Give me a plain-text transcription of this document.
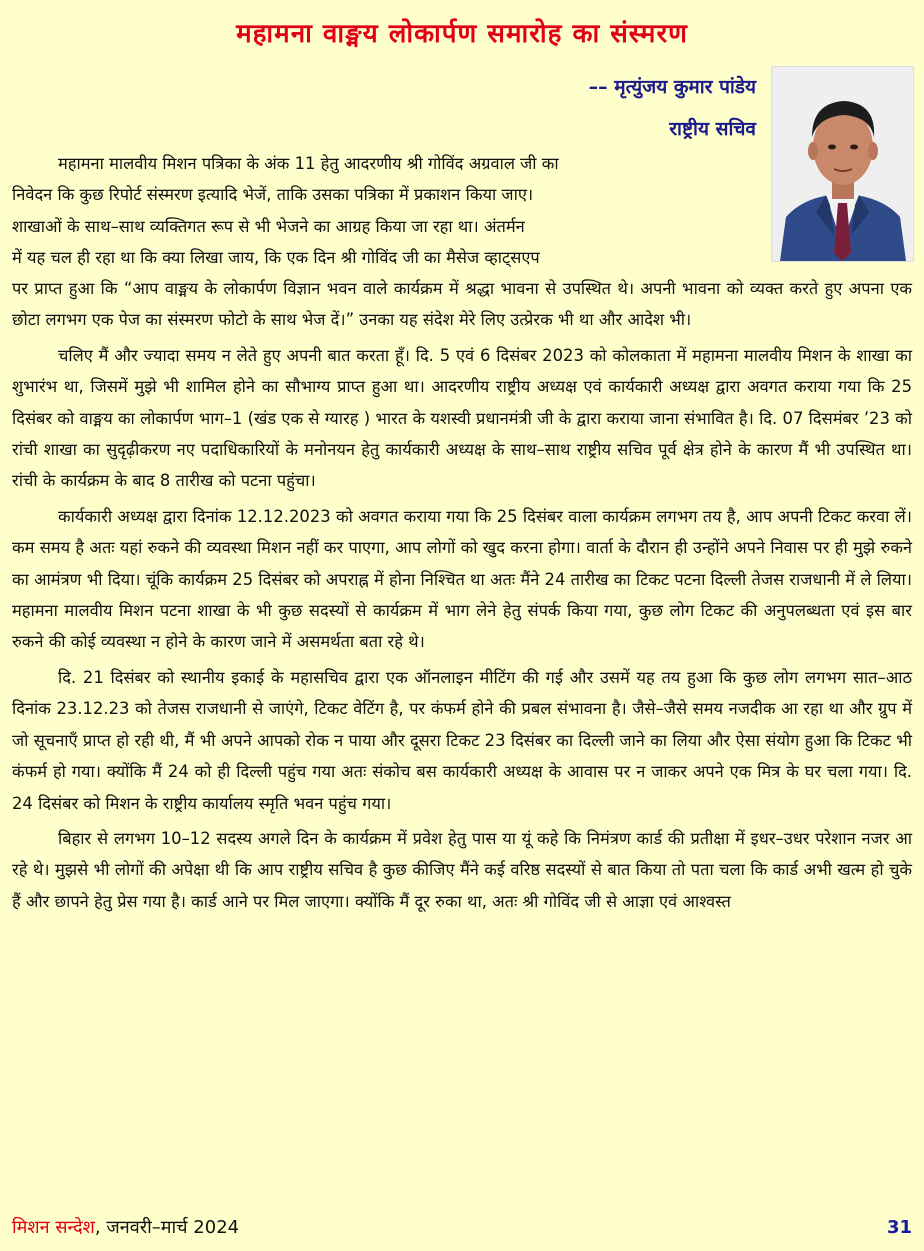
महामना वाङ्मय लोकार्पण समारोह का संस्मरण
–– मृत्युंजय कुमार पांडेय
राष्ट्रीय सचिव
महामना मालवीय मिशन पत्रिका के अंक 11 हेतु आदरणीय श्री गोविंद अग्रवाल जी का
निवेदन कि कुछ रिपोर्ट संस्मरण इत्यादि भेजें, ताकि उसका पत्रिका में प्रकाशन किया जाए।
शाखाओं के साथ–साथ व्यक्तिगत रूप से भी भेजने का आग्रह किया जा रहा था। अंतर्मन
में यह चल ही रहा था कि क्या लिखा जाय, कि एक दिन श्री गोविंद जी का मैसेज व्हाट्सएप

पर प्राप्त हुआ कि “आप वाङ्मय के लोकार्पण विज्ञान भवन वाले कार्यक्रम में श्रद्धा भावना से उपस्थित थे। अपनी भावना को व्यक्त करते हुए अपना एक छोटा लगभग एक पेज का संस्मरण फोटो के साथ भेज दें।” उनका यह संदेश मेरे लिए उत्प्रेरक भी था और आदेश भी।

चलिए मैं और ज्यादा समय न लेते हुए अपनी बात करता हूँ। दि. 5 एवं 6 दिसंबर 2023 को कोलकाता में महामना मालवीय मिशन के शाखा का शुभारंभ था, जिसमें मुझे भी शामिल होने का सौभाग्य प्राप्त हुआ था। आदरणीय राष्ट्रीय अध्यक्ष एवं कार्यकारी अध्यक्ष द्वारा अवगत कराया गया कि 25 दिसंबर को वाङ्मय का लोकार्पण भाग–1 (खंड एक से ग्यारह ) भारत के यशस्वी प्रधानमंत्री जी के द्वारा कराया जाना संभावित है। दि. 07 दिसमंबर ’23 को रांची शाखा का सुदृढ़ीकरण नए पदाधिकारियों के मनोनयन हेतु कार्यकारी अध्यक्ष के साथ–साथ राष्ट्रीय सचिव पूर्व क्षेत्र होने के कारण मैं भी उपस्थित था। रांची के कार्यक्रम के बाद 8 तारीख को पटना पहुंचा।

कार्यकारी अध्यक्ष द्वारा दिनांक 12.12.2023 को अवगत कराया गया कि 25 दिसंबर वाला कार्यक्रम लगभग तय है, आप अपनी टिकट करवा लें। कम समय है अतः यहां रुकने की व्यवस्था मिशन नहीं कर पाएगा, आप लोगों को खुद करना होगा। वार्ता के दौरान ही उन्होंने अपने निवास पर ही मुझे रुकने का आमंत्रण भी दिया। चूंकि कार्यक्रम 25 दिसंबर को अपराह्न में होना निश्चित था अतः मैंने 24 तारीख का टिकट पटना दिल्ली तेजस राजधानी में ले लिया। महामना मालवीय मिशन पटना शाखा के भी कुछ सदस्यों से कार्यक्रम में भाग लेने हेतु संपर्क किया गया, कुछ लोग टिकट की अनुपलब्धता एवं इस बार रुकने की कोई व्यवस्था न होने के कारण जाने में असमर्थता बता रहे थे।

दि. 21 दिसंबर को स्थानीय इकाई के महासचिव द्वारा एक ऑनलाइन मीटिंग की गई और उसमें यह तय हुआ कि कुछ लोग लगभग सात–आठ दिनांक 23.12.23 को तेजस राजधानी से जाएंगे, टिकट वेटिंग है, पर कंफर्म होने की प्रबल संभावना है। जैसे–जैसे समय नजदीक आ रहा था और ग्रुप में जो सूचनाएँ प्राप्त हो रही थी, मैं भी अपने आपको रोक न पाया और दूसरा टिकट 23 दिसंबर का दिल्ली जाने का लिया और ऐसा संयोग हुआ कि टिकट भी कंफर्म हो गया। क्योंकि मैं 24 को ही दिल्ली पहुंच गया अतः संकोच बस कार्यकारी अध्यक्ष के आवास पर न जाकर अपने एक मित्र के घर चला गया। दि. 24 दिसंबर को मिशन के राष्ट्रीय कार्यालय स्मृति भवन पहुंच गया।

बिहार से लगभग 10–12 सदस्य अगले दिन के कार्यक्रम में प्रवेश हेतु पास या यूं कहे कि निमंत्रण कार्ड की प्रतीक्षा में इधर–उधर परेशान नजर आ रहे थे। मुझसे भी लोगों की अपेक्षा थी कि आप राष्ट्रीय सचिव है कुछ कीजिए मैंने कई वरिष्ठ सदस्यों से बात किया तो पता चला कि कार्ड अभी खत्म हो चुके हैं और छापने हेतु प्रेस गया है। कार्ड आने पर मिल जाएगा। क्योंकि मैं दूर रुका था, अतः श्री गोविंद जी से आज्ञा एवं आश्वस्त

मिशन सन्देश, जनवरी–मार्च 2024	31
